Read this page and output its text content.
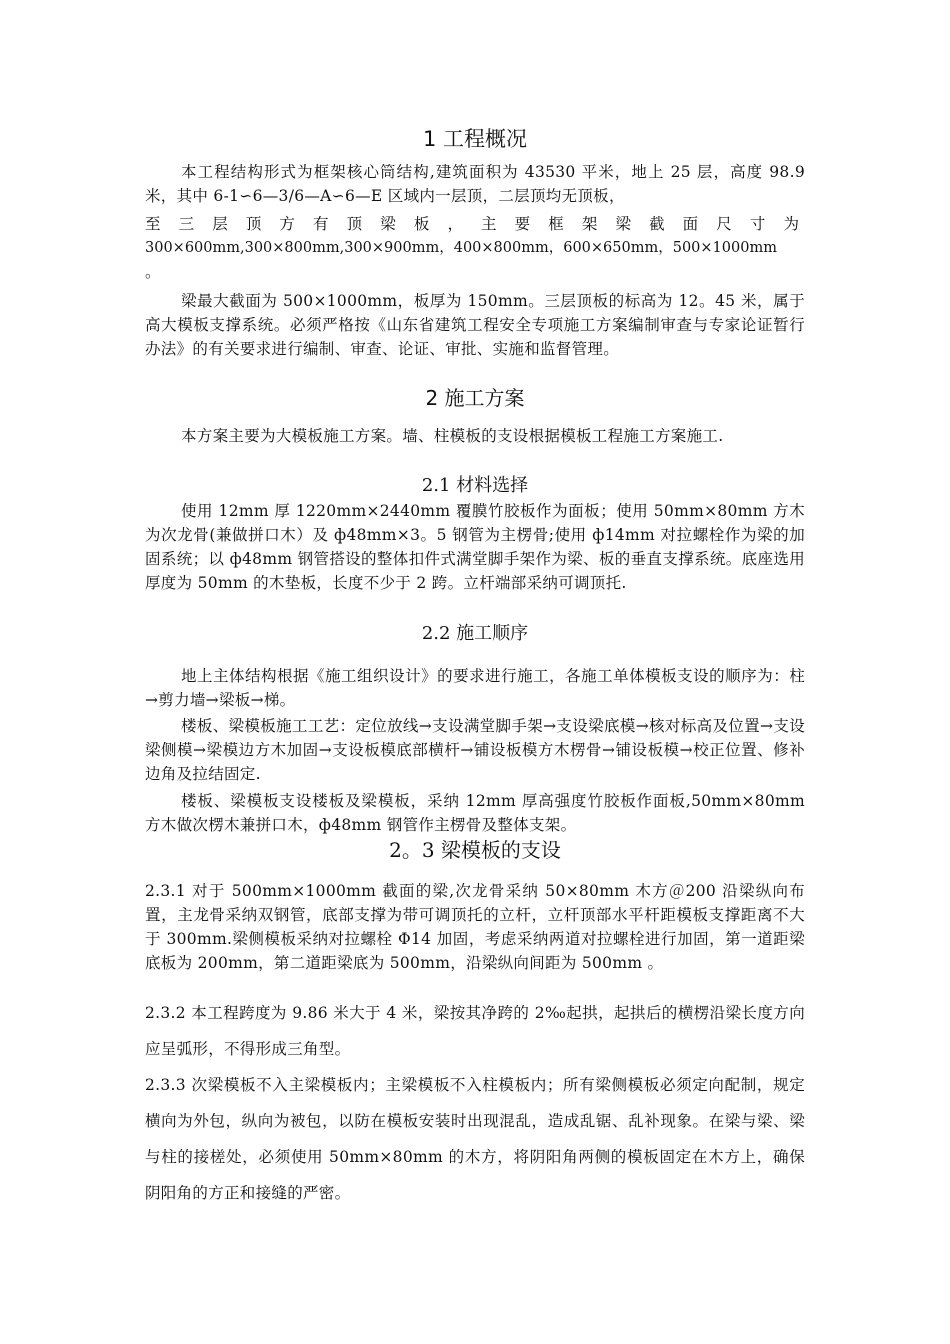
1 工程概况

本工程结构形式为框架核心筒结构,建筑面积为 43530 平米，地上 25 层，高度 98.9 米，其中 6-1∽6—3/6—A∽6—E 区域内一层顶，二层顶均无顶板，

至三层顶方有顶梁板，主要框架梁截面尺寸为

300×600mm,300×800mm,300×900mm，400×800mm，600×650mm，500×1000mm

。

梁最大截面为 500×1000mm，板厚为 150mm。三层顶板的标高为 12。45 米，属于高大模板支撑系统。必须严格按《山东省建筑工程安全专项施工方案编制审查与专家论证暂行办法》的有关要求进行编制、审查、论证、审批、实施和监督管理。

2 施工方案

本方案主要为大模板施工方案。墙、柱模板的支设根据模板工程施工方案施工.

2.1 材料选择

使用 12mm 厚 1220mm×2440mm 覆膜竹胶板作为面板；使用 50mm×80mm 方木为次龙骨(兼做拼口木）及 ф48mm×3。5 钢管为主楞骨;使用 ф14mm 对拉螺栓作为梁的加固系统；以 ф48mm 钢管搭设的整体扣件式满堂脚手架作为梁、板的垂直支撑系统。底座选用厚度为 50mm 的木垫板，长度不少于 2 跨。立杆端部采纳可调顶托.

2.2 施工顺序

地上主体结构根据《施工组织设计》的要求进行施工，各施工单体模板支设的顺序为：柱→剪力墙→梁板→梯。

楼板、梁模板施工工艺：定位放线→支设满堂脚手架→支设梁底模→核对标高及位置→支设梁侧模→梁模边方木加固→支设板模底部横杆→铺设板模方木楞骨→铺设板模→校正位置、修补边角及拉结固定.

楼板、梁模板支设楼板及梁模板，采纳 12mm 厚高强度竹胶板作面板,50mm×80mm 方木做次楞木兼拼口木，ф48mm 钢管作主楞骨及整体支架。

2。3 梁模板的支设

2.3.1 对于 500mm×1000mm 截面的梁,次龙骨采纳 50×80mm 木方＠200 沿梁纵向布置，主龙骨采纳双钢管，底部支撑为带可调顶托的立杆，立杆顶部水平杆距模板支撑距离不大于 300mm.梁侧模板采纳对拉螺栓 Φ14 加固，考虑采纳两道对拉螺栓进行加固，第一道距梁底板为 200mm，第二道距梁底为 500mm，沿梁纵向间距为 500mm 。

2.3.2 本工程跨度为 9.86 米大于 4 米，梁按其净跨的 2‰起拱，起拱后的横楞沿梁长度方向应呈弧形，不得形成三角型。

2.3.3 次梁模板不入主梁模板内；主梁模板不入柱模板内；所有梁侧模板必须定向配制，规定横向为外包，纵向为被包，以防在模板安装时出现混乱，造成乱锯、乱补现象。在梁与梁、梁与柱的接槎处，必须使用 50mm×80mm 的木方，将阴阳角两侧的模板固定在木方上，确保阴阳角的方正和接缝的严密。
